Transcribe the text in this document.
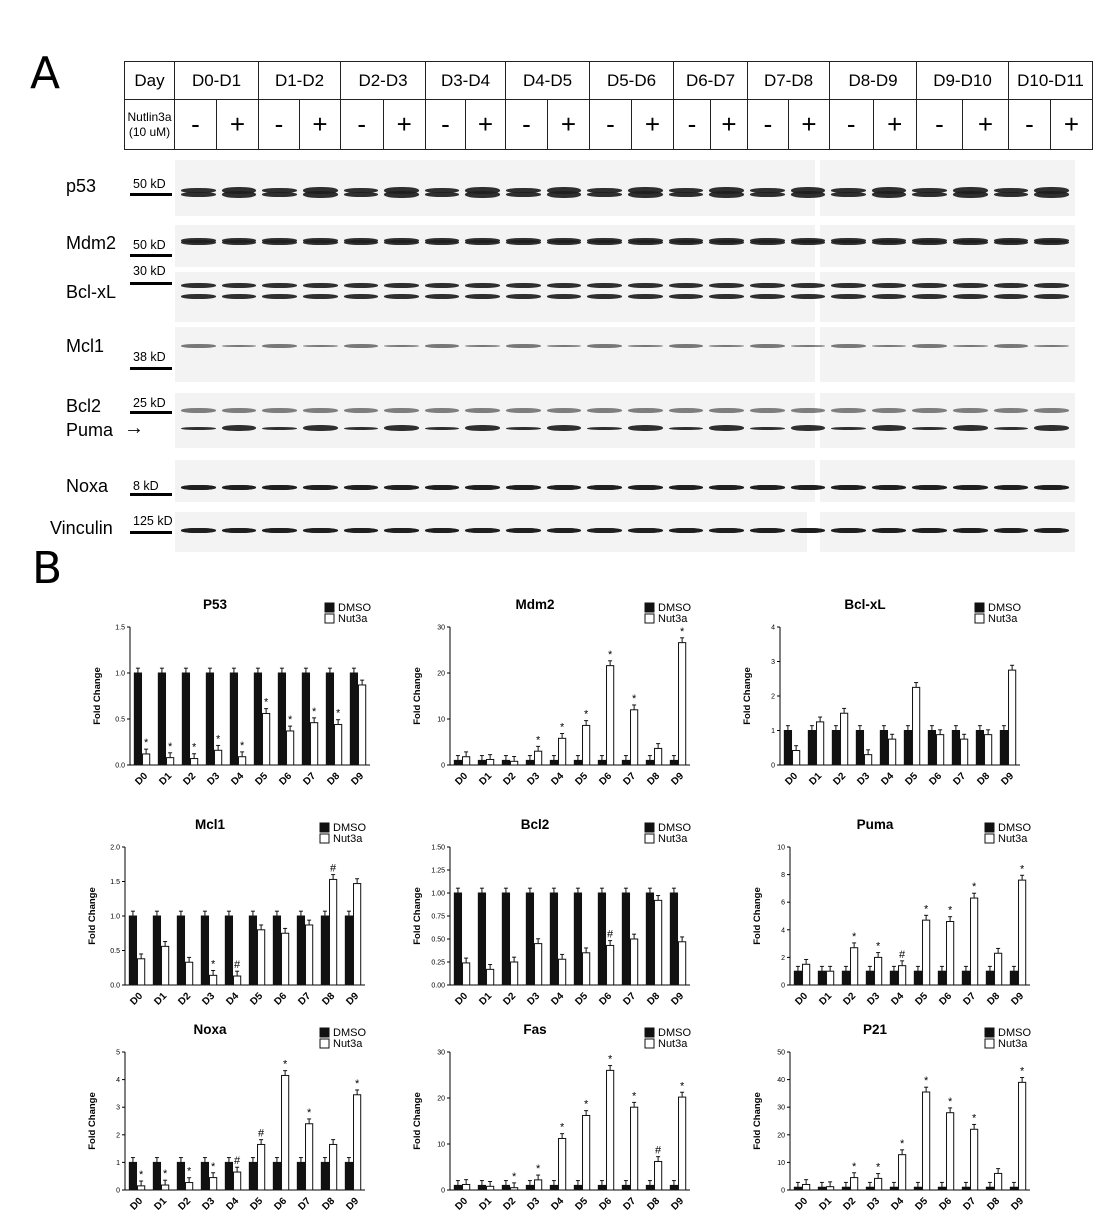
A
B
Day	D0-D1		D1-D2		D2-D3		D3-D4		D4-D5		D5-D6		D6-D7		D7-D8		D8-D9		D9-D10		D10-D11	
Nutlin3a
(10 uM)	-	+	-	+	-	+	-	+	-	+	-	+	-	+	-	+	-	+	-	+	-	+
p53	50 kD
Mdm2 50 kD
Bcl-xL
30 kD
Mcl1
38 kD
Bcl2	25 kD
Puma →
Noxa 8 kD
Vinculin 125 kD
P53	DMSO
Nut3a
0.0
0.5
1.0
1.5
Fold Change
*
D0
*
D1
*
D2
*
D3
*
D4
*
D5
*
D6
*
D7
*
D8 D9
Mdm2	DMSO
Nut3a
0
10
20
30
Fold Change
D0 D1 D2
*
D3
*
D4
*
D5
*
D6
*
D7 D8
*
D9
Bcl-xL	DMSO
Nut3a
0
1
2
3
4
Fold Change
D0 D1 D2 D3 D4 D5 D6 D7 D8 D9
Mcl1	DMSO
Nut3a
0.0
0.5
1.0
1.5
2.0
Fold Change
D0 D1 D2
*
D3
#
D4 D5 D6 D7
#
D8 D9
Bcl2	DMSO
Nut3a
0.00
0.25
0.50
0.75
1.00
1.25
1.50
Fold Change
D0 D1 D2 D3 D4 D5
#
D6 D7 D8 D9
Puma	DMSO
Nut3a
0
2
4
6
8
10
Fold Change
D0 D1
*
D2
*
D3
#
D4
*
D5
*
D6
*
D7 D8
*
D9
Noxa	DMSO
Nut3a
0
1
2
3
4
5
Fold Change
*
D0
*
D1
*
D2
*
D3
#
D4
#
D5
*
D6
*
D7 D8
*
D9
Fas	DMSO
Nut3a
0
10
20
30
Fold Change
D0 D1
*
D2
*
D3
*
D4
*
D5
*
D6
*
D7
#
D8
*
D9
P21	DMSO
Nut3a
0
10
20
30
40
50
Fold Change
D0 D1
*
D2
*
D3
*
D4
*
D5
*
D6
*
D7 D8
*
D9
